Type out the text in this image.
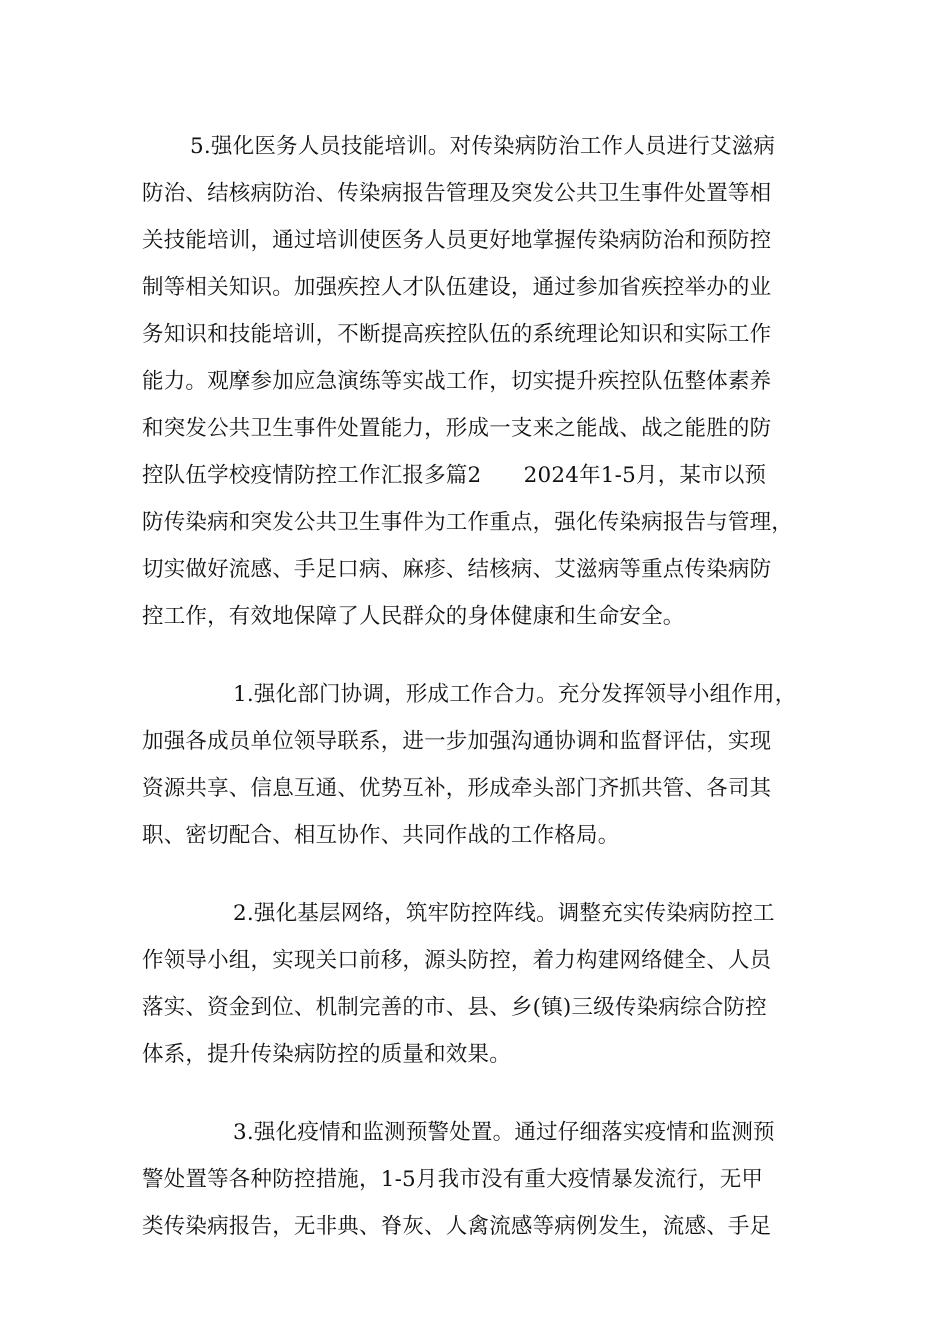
5.强化医务人员技能培训。对传染病防治工作人员进行艾滋病
防治、结核病防治、传染病报告管理及突发公共卫生事件处置等相
关技能培训，通过培训使医务人员更好地掌握传染病防治和预防控
制等相关知识。加强疾控人才队伍建设，通过参加省疾控举办的业
务知识和技能培训，不断提高疾控队伍的系统理论知识和实际工作
能力。观摩参加应急演练等实战工作，切实提升疾控队伍整体素养
和突发公共卫生事件处置能力，形成一支来之能战、战之能胜的防
控队伍学校疫情防控工作汇报多篇2      2024年1-5月，某市以预
防传染病和突发公共卫生事件为工作重点，强化传染病报告与管理，
切实做好流感、手足口病、麻疹、结核病、艾滋病等重点传染病防
控工作，有效地保障了人民群众的身体健康和生命安全。
1.强化部门协调，形成工作合力。充分发挥领导小组作用，
加强各成员单位领导联系，进一步加强沟通协调和监督评估，实现
资源共享、信息互通、优势互补，形成牵头部门齐抓共管、各司其
职、密切配合、相互协作、共同作战的工作格局。
2.强化基层网络，筑牢防控阵线。调整充实传染病防控工
作领导小组，实现关口前移，源头防控，着力构建网络健全、人员
落实、资金到位、机制完善的市、县、乡(镇)三级传染病综合防控
体系，提升传染病防控的质量和效果。
3.强化疫情和监测预警处置。通过仔细落实疫情和监测预
警处置等各种防控措施，1-5月我市没有重大疫情暴发流行，无甲
类传染病报告，无非典、脊灰、人禽流感等病例发生，流感、手足
